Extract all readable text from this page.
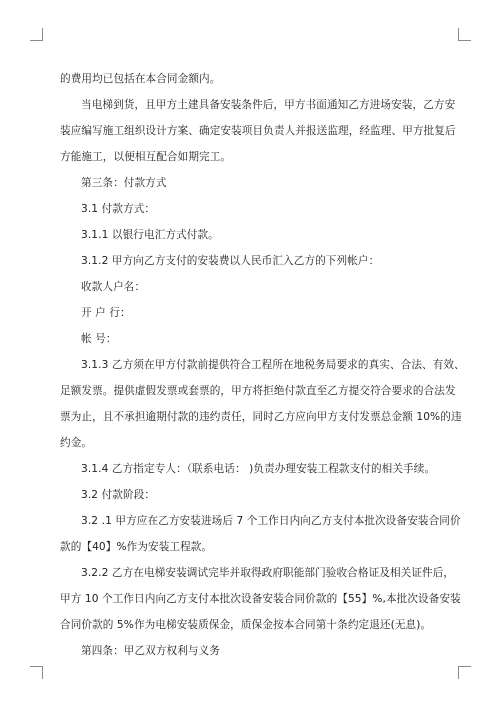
的费用均已包括在本合同金额内。
当电梯到货，且甲方土建具备安装条件后，甲方书面通知乙方进场安装，乙方安
装应编写施工组织设计方案、确定安装项目负责人并报送监理，经监理、甲方批复后
方能施工，以便相互配合如期完工。
第三条：付款方式
3.1 付款方式：
3.1.1 以银行电汇方式付款。
3.1.2 甲方向乙方支付的安装费以人民币汇入乙方的下列帐户：
收款人户名：
开 户 行：
帐 号：
3.1.3 乙方须在甲方付款前提供符合工程所在地税务局要求的真实、合法、有效、
足额发票。提供虚假发票或套票的，甲方将拒绝付款直至乙方提交符合要求的合法发
票为止，且不承担逾期付款的违约责任，同时乙方应向甲方支付发票总金额 10%的违
约金。
3.1.4 乙方指定专人：（联系电话： )负责办理安装工程款支付的相关手续。
3.2 付款阶段：
3.2 .1 甲方应在乙方安装进场后 7 个工作日内向乙方支付本批次设备安装合同价
款的【40】%作为安装工程款。
3.2.2 乙方在电梯安装调试完毕并取得政府职能部门验收合格证及相关证件后，
甲方 10 个工作日内向乙方支付本批次设备安装合同价款的【55】%,本批次设备安装
合同价款的 5%作为电梯安装质保金，质保金按本合同第十条约定退还(无息)。
第四条：甲乙双方权利与义务
